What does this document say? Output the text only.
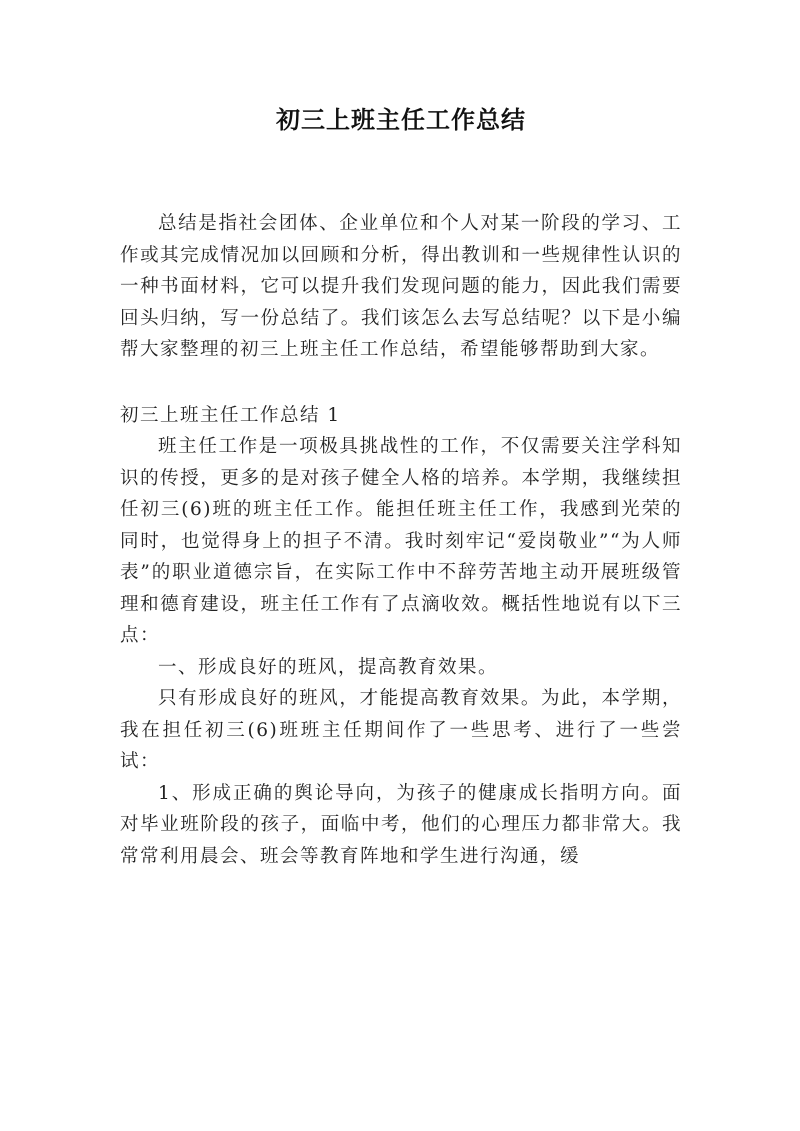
初三上班主任工作总结

总结是指社会团体、企业单位和个人对某一阶段的学习、工作或其完成情况加以回顾和分析，得出教训和一些规律性认识的一种书面材料，它可以提升我们发现问题的能力，因此我们需要回头归纳，写一份总结了。我们该怎么去写总结呢？以下是小编帮大家整理的初三上班主任工作总结，希望能够帮助到大家。

初三上班主任工作总结 1

班主任工作是一项极具挑战性的工作，不仅需要关注学科知识的传授，更多的是对孩子健全人格的培养。本学期，我继续担任初三(6)班的班主任工作。能担任班主任工作，我感到光荣的同时，也觉得身上的担子不清。我时刻牢记“爱岗敬业”“为人师表”的职业道德宗旨，在实际工作中不辞劳苦地主动开展班级管理和德育建设，班主任工作有了点滴收效。概括性地说有以下三点：

一、形成良好的班风，提高教育效果。

只有形成良好的班风，才能提高教育效果。为此，本学期，我在担任初三(6)班班主任期间作了一些思考、进行了一些尝试：

1、形成正确的舆论导向，为孩子的健康成长指明方向。面对毕业班阶段的孩子，面临中考，他们的心理压力都非常大。我常常利用晨会、班会等教育阵地和学生进行沟通，缓
